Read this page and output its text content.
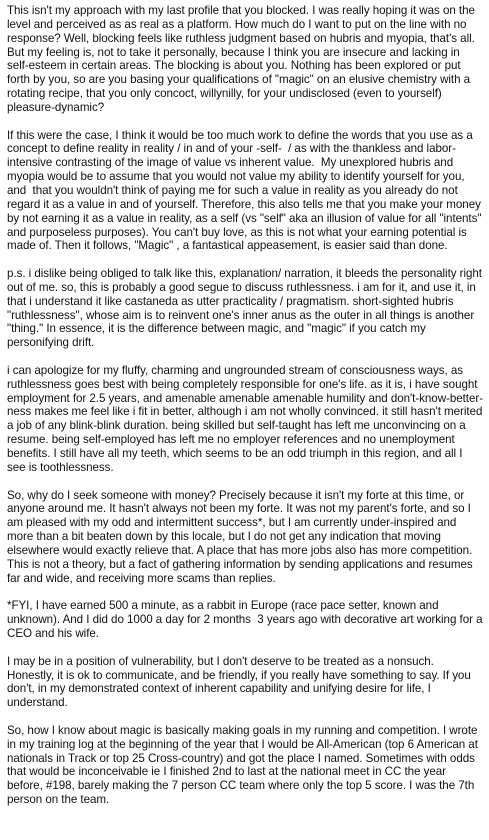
This isn't my approach with my last profile that you blocked. I was really hoping it was on the level and perceived as as real as a platform. How much do I want to put on the line with no response? Well, blocking feels like ruthless judgment based on hubris and myopia, that's all. But my feeling is, not to take it personally, because I think you are insecure and lacking in self-esteem in certain areas. The blocking is about you. Nothing has been explored or put forth by you, so are you basing your qualifications of "magic" on an elusive chemistry with a rotating recipe, that you only concoct, willynilly, for your undisclosed (even to yourself) pleasure-dynamic?

If this were the case, I think it would be too much work to define the words that you use as a concept to define reality in reality / in and of your -self-  / as with the thankless and labor-intensive contrasting of the image of value vs inherent value.  My unexplored hubris and myopia would be to assume that you would not value my ability to identify yourself for you, and  that you wouldn't think of paying me for such a value in reality as you already do not regard it as a value in and of yourself. Therefore, this also tells me that you make your money by not earning it as a value in reality, as a self (vs "self" aka an illusion of value for all "intents" and purposeless purposes). You can't buy love, as this is not what your earning potential is made of. Then it follows, "Magic" , a fantastical appeasement, is easier said than done.

p.s. i dislike being obliged to talk like this, explanation/ narration, it bleeds the personality right out of me. so, this is probably a good segue to discuss ruthlessness. i am for it, and use it, in that i understand it like castaneda as utter practicality / pragmatism. short-sighted hubris "ruthlessness", whose aim is to reinvent one's inner anus as the outer in all things is another "thing." In essence, it is the difference between magic, and "magic" if you catch my personifying drift.

i can apologize for my fluffy, charming and ungrounded stream of consciousness ways, as ruthlessness goes best with being completely responsible for one's life. as it is, i have sought employment for 2.5 years, and amenable amenable amenable humility and don't-know-better-ness makes me feel like i fit in better, although i am not wholly convinced. it still hasn't merited a job of any blink-blink duration. being skilled but self-taught has left me unconvincing on a resume. being self-employed has left me no employer references and no unemployment benefits. I still have all my teeth, which seems to be an odd triumph in this region, and all I see is toothlessness.

So, why do I seek someone with money? Precisely because it isn't my forte at this time, or anyone around me. It hasn't always not been my forte. It was not my parent's forte, and so I am pleased with my odd and intermittent success*, but I am currently under-inspired and more than a bit beaten down by this locale, but I do not get any indication that moving elsewhere would exactly relieve that. A place that has more jobs also has more competition. This is not a theory, but a fact of gathering information by sending applications and resumes far and wide, and receiving more scams than replies.

*FYI, I have earned 500 a minute, as a rabbit in Europe (race pace setter, known and unknown). And I did do 1000 a day for 2 months  3 years ago with decorative art working for a CEO and his wife.

I may be in a position of vulnerability, but I don't deserve to be treated as a nonsuch. Honestly, it is ok to communicate, and be friendly, if you really have something to say. If you don't, in my demonstrated context of inherent capability and unifying desire for life, I understand.

So, how I know about magic is basically making goals in my running and competition. I wrote in my training log at the beginning of the year that I would be All-American (top 6 American at nationals in Track or top 25 Cross-country) and got the place I named. Sometimes with odds that would be inconceivable ie I finished 2nd to last at the national meet in CC the year before, #198, barely making the 7 person CC team where only the top 5 score. I was the 7th person on the team.
